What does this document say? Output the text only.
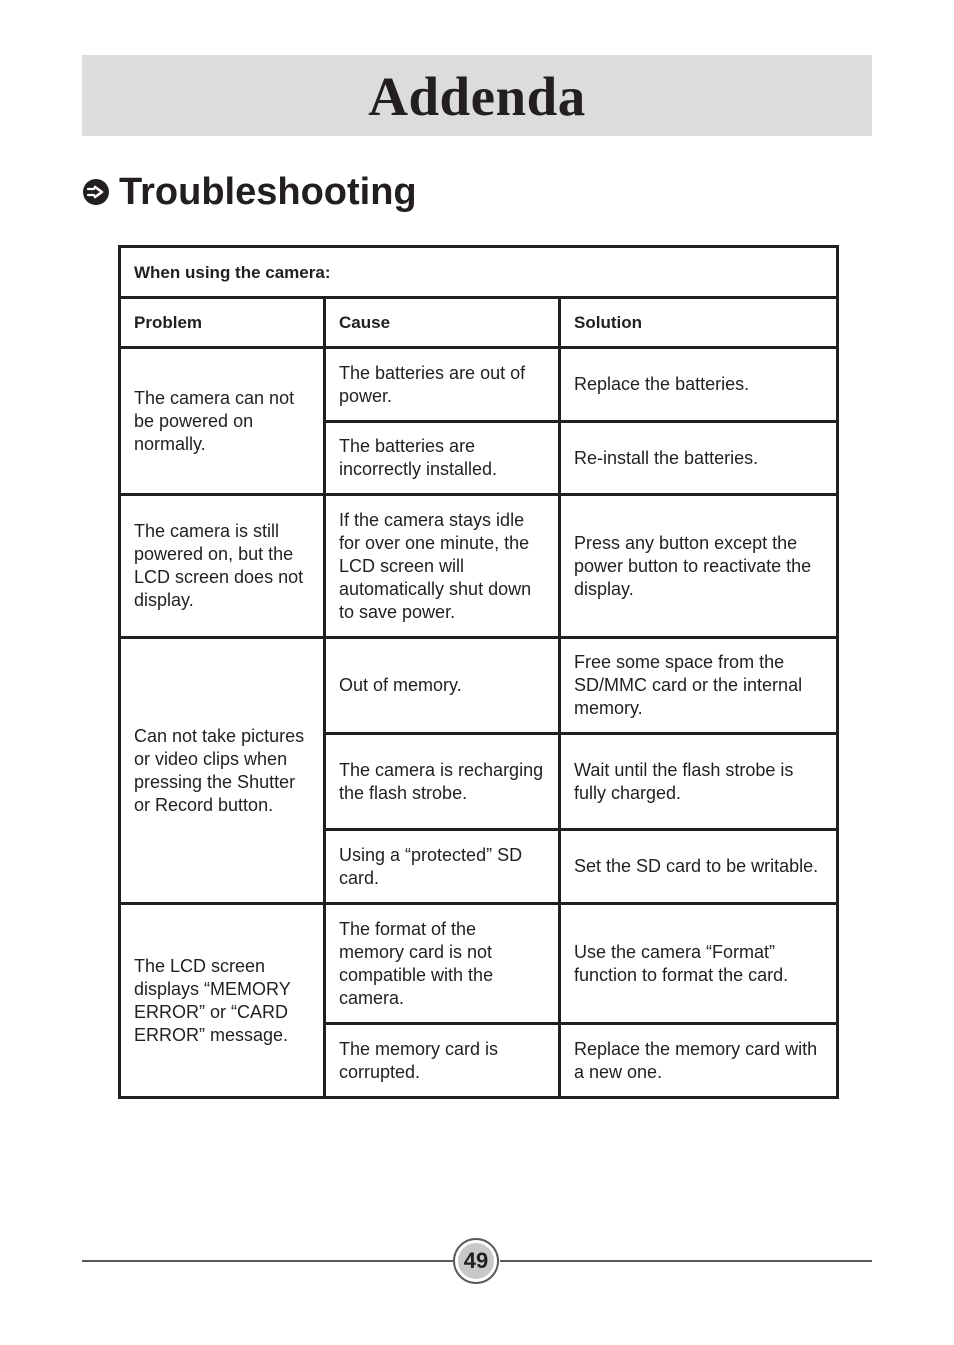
Addenda
Troubleshooting
When using the camera:		
Problem	Cause	Solution
The camera can not be powered on normally.	The batteries are out of power.	Replace the batteries.
	The batteries are incorrectly installed.	Re-install the batteries.
The camera is still powered on, but the LCD screen does not display.	If the camera stays idle for over one minute, the LCD screen will automatically shut down to save power.	Press any button except the power button to reactivate the display.
Can not take pictures or video clips when pressing the Shutter or Record button.	Out of memory.	Free some space from the SD/MMC card or the internal memory.
	The camera is recharging the flash strobe.	Wait until the flash strobe is fully charged.
	Using a “protected” SD card.	Set the SD card to be writable.
The LCD screen displays “MEMORY ERROR” or “CARD ERROR” message.	The format of the memory card is not compatible with the camera.	Use the camera “Format” function to format the card.
	The memory card is corrupted.	Replace the memory card with a new one.
49
